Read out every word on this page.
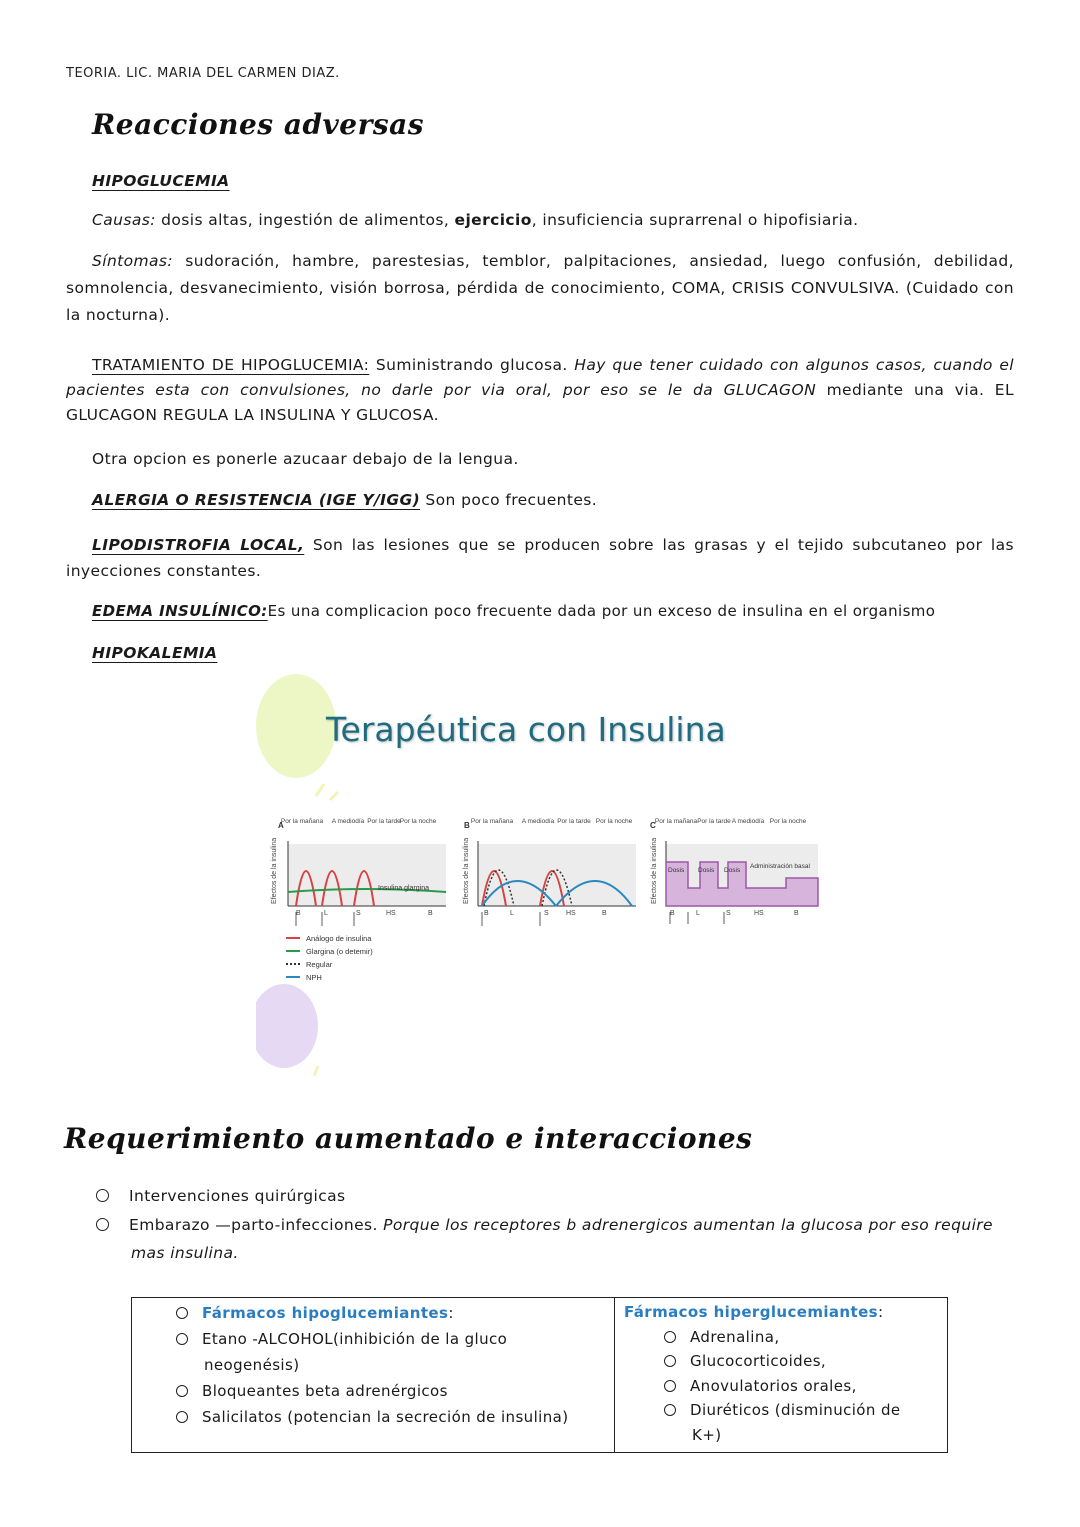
TEORIA. LIC. MARIA DEL CARMEN DIAZ.
Reacciones adversas
HIPOGLUCEMIA
Causas: dosis altas, ingestión de alimentos, ejercicio, insuficiencia suprarrenal o hipofisiaria.
Síntomas: sudoración, hambre, parestesias, temblor, palpitaciones, ansiedad, luego confusión, debilidad, somnolencia, desvanecimiento, visión borrosa, pérdida de conocimiento, COMA, CRISIS CONVULSIVA. (Cuidado con la nocturna).
TRATAMIENTO DE HIPOGLUCEMIA: Suministrando glucosa. Hay que tener cuidado con algunos casos, cuando el pacientes esta con convulsiones, no darle por via oral, por eso se le da GLUCAGON mediante una via. EL GLUCAGON REGULA LA INSULINA Y GLUCOSA.
Otra opcion es ponerle azucaar debajo de la lengua.
ALERGIA O RESISTENCIA (IGE Y/IGG) Son poco frecuentes.
LIPODISTROFIA LOCAL, Son las lesiones que se producen sobre las grasas y el tejido subcutaneo por las inyecciones constantes.
EDEMA INSULÍNICO:Es una complicacion poco frecuente dada por un exceso de insulina en el organismo
HIPOKALEMIA
A
Por la mañana A mediodía Por la tarde
Por la noche
Efectos de la insulina	Insulina glargina
B	L	S	HS	B
B Por la mañana A mediodía Por la tarde Por la noche
Efectos de la insulina
B	L	S HS	B
C Por la mañana Por la tarde A mediodía Por la noche
Efectos de la insulina Dosis Dosis Dosis
Administración basal
B	L	S	HS	B
Análogo de insulina
Glargina (o detemir)
Regular
NPH
Terapéutica con Insulina
Requerimiento aumentado e interacciones
Intervenciones quirúrgicas
Embarazo —parto-infecciones. Porque los receptores b adrenergicos aumentan la glucosa por eso require mas insulina.
Fármacos hipoglucemiantes:
Etano -ALCOHOL(inhibición de la gluco neogenésis)
Bloqueantes beta adrenérgicos
Salicilatos (potencian la secreción de insulina)
Fármacos hiperglucemiantes:
Adrenalina,
Glucocorticoides,
Anovulatorios orales,
Diuréticos (disminución de K+)
